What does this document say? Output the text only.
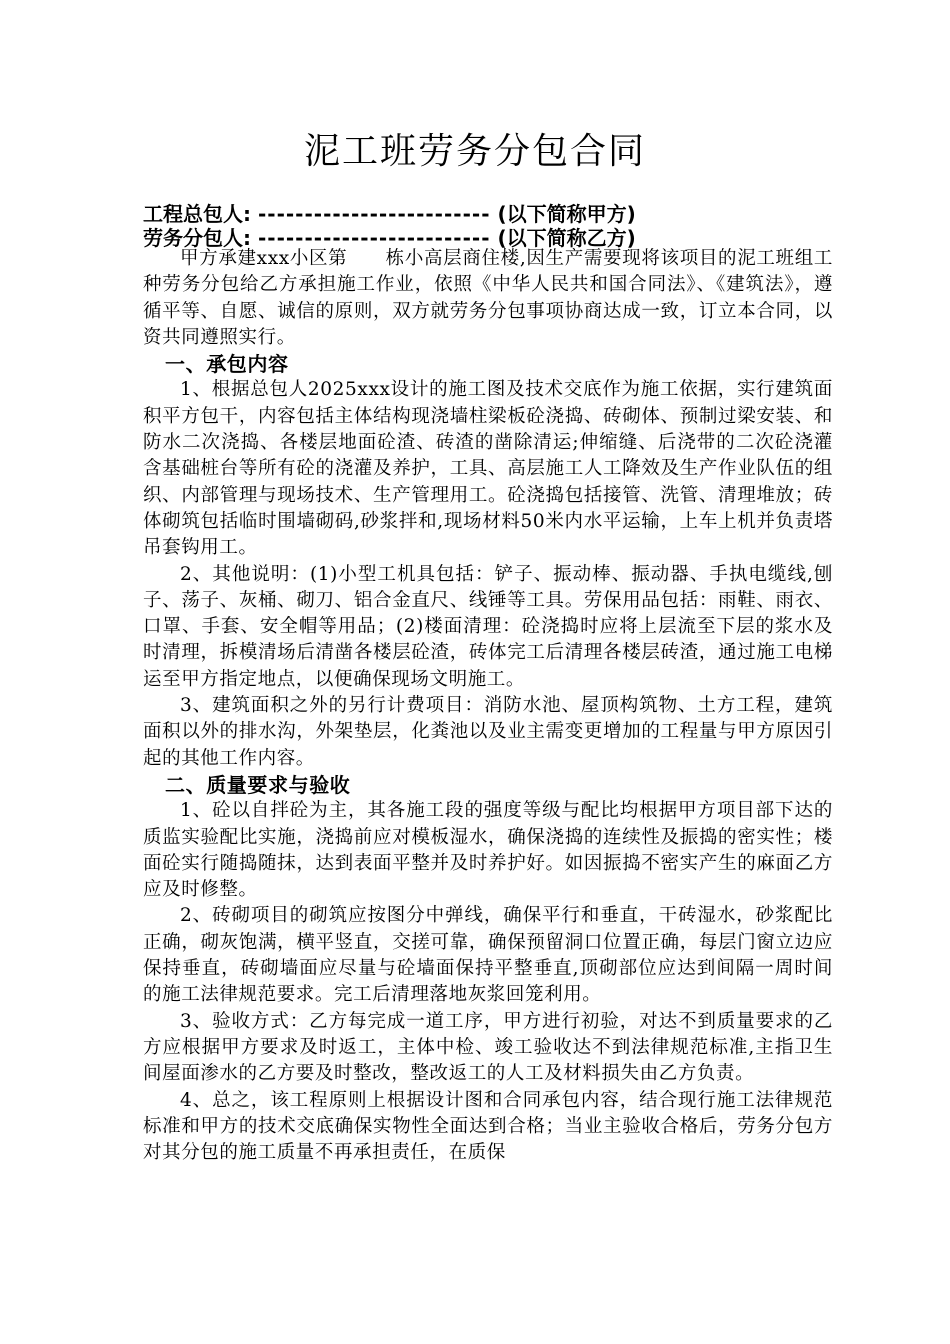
泥工班劳务分包合同
工程总包人: ------------------------- (以下简称甲方)
劳务分包人: ------------------------- (以下简称乙方)

甲方承建xxx小区第　　栋小高层商住楼,因生产需要现将该项目的泥工班组工种劳务分包给乙方承担施工作业，依照《中华人民共和国合同法》、《建筑法》，遵循平等、自愿、诚信的原则，双方就劳务分包事项协商达成一致，订立本合同，以资共同遵照实行。

一、承包内容

1、根据总包人2025xxx设计的施工图及技术交底作为施工依据，实行建筑面积平方包干，内容包括主体结构现浇墙柱梁板砼浇捣、砖砌体、预制过梁安装、和防水二次浇捣、各楼层地面砼渣、砖渣的凿除清运;伸缩缝、后浇带的二次砼浇灌含基础桩台等所有砼的浇灌及养护，工具、高层施工人工降效及生产作业队伍的组织、内部管理与现场技术、生产管理用工。砼浇捣包括接管、洗管、清理堆放；砖体砌筑包括临时围墙砌码,砂浆拌和,现场材料50米内水平运输，上车上机并负责塔吊套钩用工。

2、其他说明：(1)小型工机具包括：铲子、振动棒、振动器、手执电缆线,刨子、荡子、灰桶、砌刀、铝合金直尺、线锤等工具。劳保用品包括：雨鞋、雨衣、口罩、手套、安全帽等用品；(2)楼面清理：砼浇捣时应将上层流至下层的浆水及时清理，拆模清场后清凿各楼层砼渣，砖体完工后清理各楼层砖渣，通过施工电梯运至甲方指定地点，以便确保现场文明施工。

3、建筑面积之外的另行计费项目：消防水池、屋顶构筑物、土方工程，建筑面积以外的排水沟，外架垫层，化粪池以及业主需变更增加的工程量与甲方原因引起的其他工作内容。

二、质量要求与验收

1、砼以自拌砼为主，其各施工段的强度等级与配比均根据甲方项目部下达的质监实验配比实施，浇捣前应对模板湿水，确保浇捣的连续性及振捣的密实性；楼面砼实行随捣随抹，达到表面平整并及时养护好。如因振捣不密实产生的麻面乙方应及时修整。

2、砖砌项目的砌筑应按图分中弹线，确保平行和垂直，干砖湿水，砂浆配比正确，砌灰饱满，横平竖直，交搓可靠，确保预留洞口位置正确，每层门窗立边应保持垂直，砖砌墙面应尽量与砼墙面保持平整垂直,顶砌部位应达到间隔一周时间的施工法律规范要求。完工后清理落地灰浆回笼利用。

3、验收方式：乙方每完成一道工序，甲方进行初验，对达不到质量要求的乙方应根据甲方要求及时返工，主体中检、竣工验收达不到法律规范标准,主指卫生间屋面渗水的乙方要及时整改，整改返工的人工及材料损失由乙方负责。

4、总之，该工程原则上根据设计图和合同承包内容，结合现行施工法律规范标准和甲方的技术交底确保实物性全面达到合格；当业主验收合格后，劳务分包方对其分包的施工质量不再承担责任，在质保
